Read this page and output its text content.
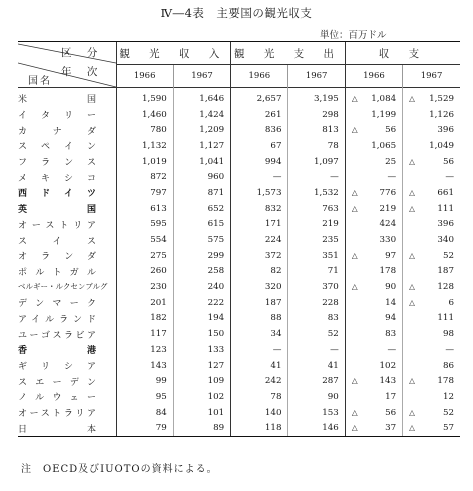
Ⅳ―4表　主要国の観光収支
単位：百万ドル
区 分
年 次
国名	観 光 収 入		観 光 支 出		収 支	
	1966	1967	1966	1967	1966	1967

米国	1,590	1,646	2,657	3,195	△ 1,084	△ 1,529

イタリー	1,460	1,424	261	298	1,199	1,126

カナダ	780	1,209	836	813	△ 56	396

スペイン	1,132	1,127	67	78	1,065	1,049

フランス	1,019	1,041	994	1,097	25	△ 56

メキシコ	872	960	—	—	—	—

西ドイツ	797	871	1,573	1,532	△ 776	△ 661

英国	613	652	832	763	△ 219	△ 111

オーストリア	595	615	171	219	424	396

スイス	554	575	224	235	330	340

オランダ	275	299	372	351	△ 97	△ 52

ポルトガル	260	258	82	71	178	187

ベルギー・ルクセンブルグ	230	240	320	370	△ 90	△ 128

デンマーク	201	222	187	228	14	△ 6

アイルランド	182	194	88	83	94	111

ユーゴスラビア	117	150	34	52	83	98

香港	123	133	—	—	—	—

ギリシア	143	127	41	41	102	86

スエーデン	99	109	242	287	△ 143	△ 178

ノルウェー	95	102	78	90	17	12

オーストラリア	84	101	140	153	△ 56	△ 52

日本	79	89	118	146	△ 37	△ 57
注　OECD及びIUOTOの資料による。
